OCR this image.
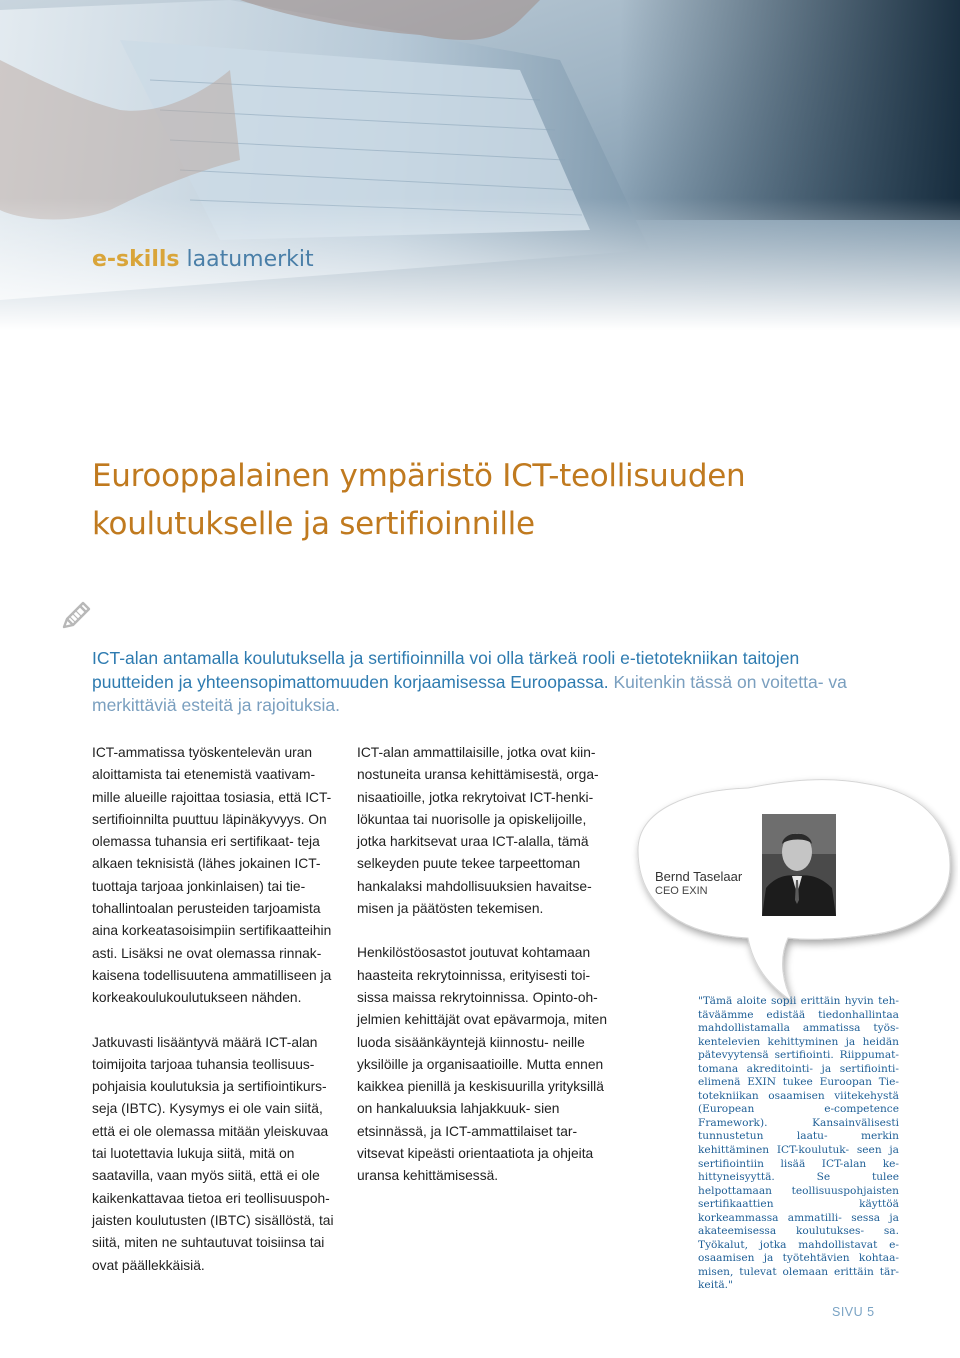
e-skills laatumerkit
Eurooppalainen ympäristö ICT-teollisuuden
koulutukselle ja sertifioinnille
ICT-alan antamalla koulutuksella ja sertifioinnilla voi olla tärkeä rooli e-tietotekniikan taitojen puutteiden ja yhteensopimattomuuden korjaamisessa Euroopassa. Kuitenkin tässä on voitetta- va merkittäviä esteitä ja rajoituksia.

ICT-ammatissa työskentelevän uran aloittamista tai etenemistä vaativam- mille alueille rajoittaa tosiasia, että ICT-sertifioinnilta puuttuu läpinäkyvyys. On olemassa tuhansia eri sertifikaat- teja alkaen teknisistä (lähes jokainen ICT-tuottaja tarjoaa jonkinlaisen) tai tie- tohallintoalan perusteiden tarjoamista aina korkeatasoisimpiin sertifikaatteihin asti. Lisäksi ne ovat olemassa rinnak- kaisena todellisuutena ammatilliseen ja korkeakoulukoulutukseen nähden.

Jatkuvasti lisääntyvä määrä ICT-alan toimijoita tarjoaa tuhansia teollisuus- pohjaisia koulutuksia ja sertifiointikurs- seja (IBTC). Kysymys ei ole vain siitä, että ei ole olemassa mitään yleiskuvaa tai luotettavia lukuja siitä, mitä on saatavilla, vaan myös siitä, että ei ole kaikenkattavaa tietoa eri teollisuuspoh- jaisten koulutusten (IBTC) sisällöstä, tai siitä, miten ne suhtautuvat toisiinsa tai ovat päällekkäisiä.

ICT-alan ammattilaisille, jotka ovat kiin- nostuneita uransa kehittämisestä, orga- nisaatioille, jotka rekrytoivat ICT-henki- lökuntaa tai nuorisolle ja opiskelijoille, jotka harkitsevat uraa ICT-alalla, tämä selkeyden puute tekee tarpeettoman hankalaksi mahdollisuuksien havaitse- misen ja päätösten tekemisen.

Henkilöstöosastot joutuvat kohtamaan haasteita rekrytoinnissa, erityisesti toi- sissa maissa rekrytoinnissa. Opinto-oh- jelmien kehittäjät ovat epävarmoja, miten luoda sisäänkäyntejä kiinnostu- neille yksilöille ja organisaatioille. Mutta ennen kaikkea pienillä ja keskisuurilla yrityksillä on hankaluuksia lahjakkuuk- sien etsinnässä, ja ICT-ammattilaiset tar- vitsevat kipeästi orientaatiota ja ohjeita uransa kehittämisessä.

Bernd Taselaar
CEO EXIN

"Tämä aloite sopii erittäin hyvin teh- täväämme edistää tiedonhallintaa mahdollistamalla ammatissa työs- kentelevien kehittyminen ja heidän pätevyytensä sertifiointi. Riippumat- tomana akreditointi- ja sertifiointi- elimenä EXIN tukee Euroopan Tie- totekniikan osaamisen viitekehystä (European e-competence Framework). Kansainvälisesti tunnustetun laatu- merkin kehittäminen ICT-koulutuk- seen ja sertifiointiin lisää ICT-alan ke- hittyneisyyttä. Se tulee helpottamaan teollisuuspohjaisten sertifikaattien käyttöä korkeammassa ammatilli- sessa ja akateemisessa koulutukses- sa. Työkalut, jotka mahdollistavat e-osaamisen ja työtehtävien kohtaa- misen, tulevat olemaan erittäin tär- keitä."

SIVU 5
